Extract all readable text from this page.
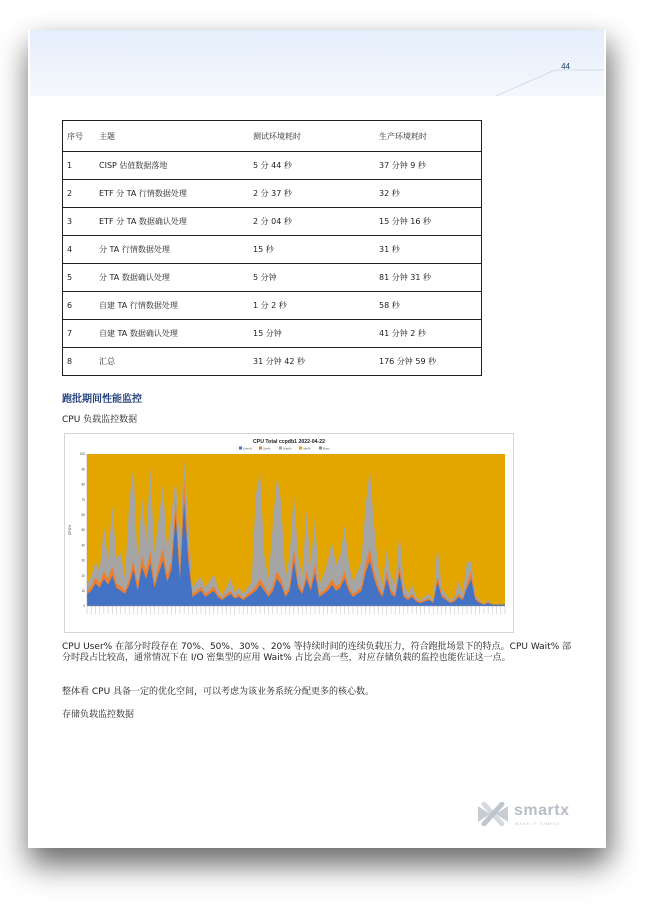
44
序号	主题	测试环境耗时	生产环境耗时
1	CISP 估值数据落地	5 分 44 秒	37 分钟 9 秒
2	ETF 分 TA 行情数据处理	2 分 37 秒	32 秒
3	ETF 分 TA 数据确认处理	2 分 04 秒	15 分钟 16 秒
4	分 TA 行情数据处理	15 秒	31 秒
5	分 TA 数据确认处理	5 分钟	81 分钟 31 秒
6	自建 TA 行情数据处理	1 分 2 秒	58 秒
7	自建 TA 数据确认处理	15 分钟	41 分钟 2 秒
8	汇总	31 分钟 42 秒	176 分钟 59 秒
跑批期间性能监控
CPU 负载监控数据
CPU Total ccpdb1 2022-04-22
User%	Sys%	Wait%	Idle%	Busy
0
10
20
30
40
50
60
70
80
90
100
CPU%
CPU User% 在部分时段存在 70%、50%、30% 、20% 等持续时间的连续负载压力，符合跑批场景下的特点。CPU Wait% 部分时段占比较高，通常情况下在 I/O 密集型的应用 Wait% 占比会高一些，对应存储负载的监控也能佐证这一点。
整体看 CPU 具备一定的优化空间，可以考虑为该业务系统分配更多的核心数。
存储负载监控数据
smartx
MAKE IT SIMPLE
